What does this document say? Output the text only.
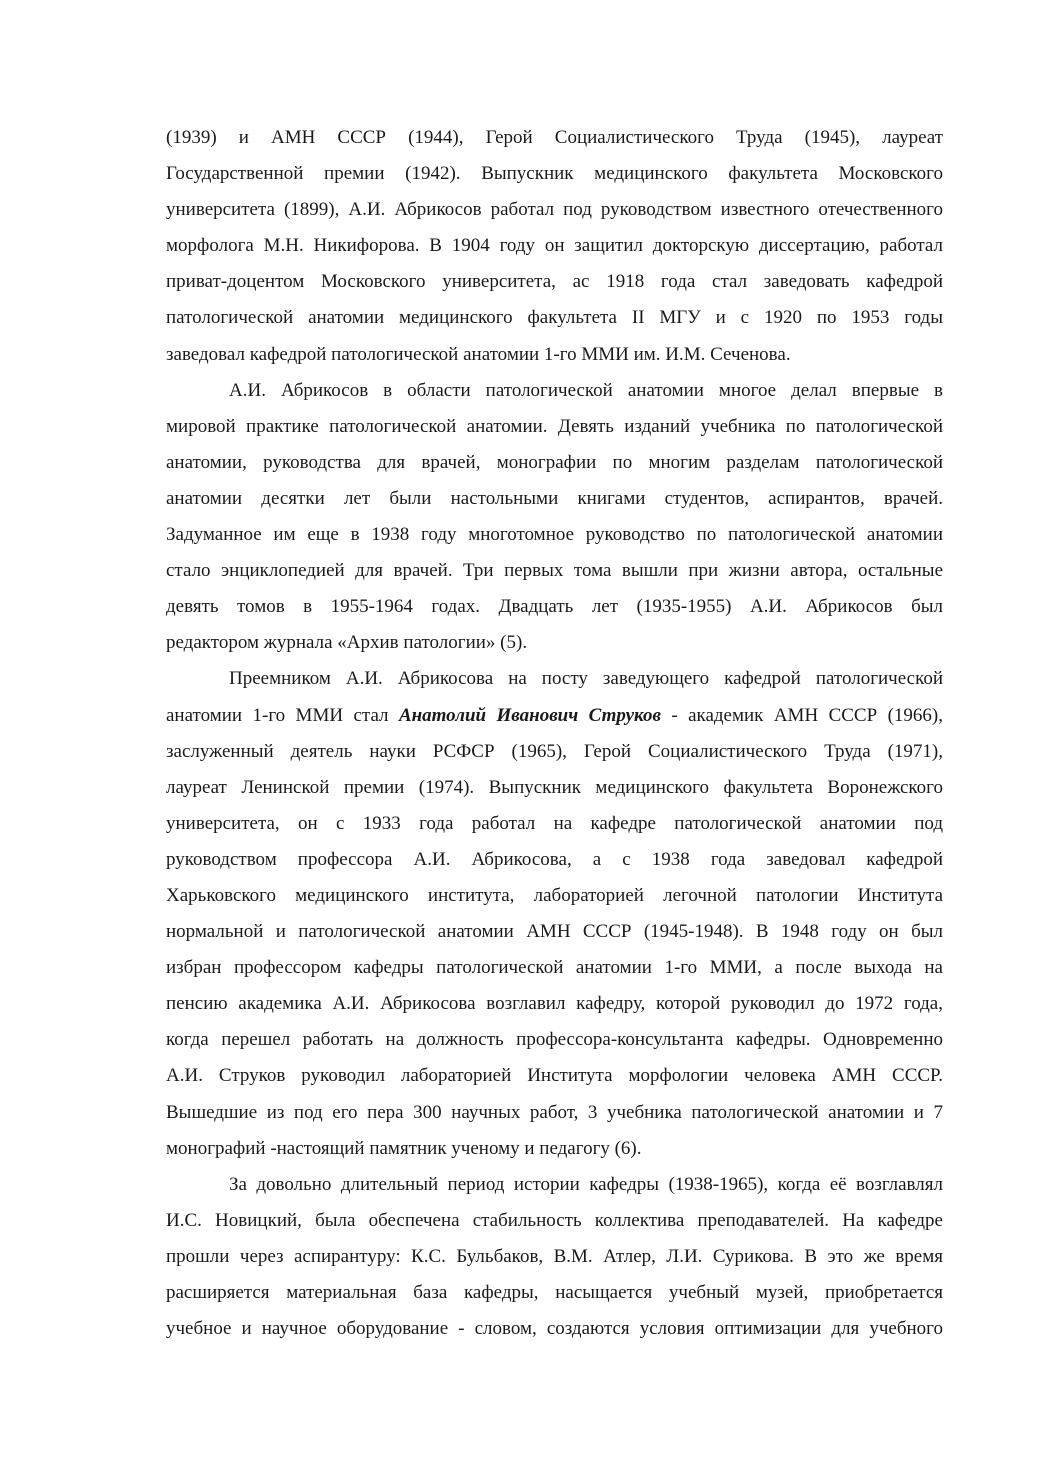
(1939) и АМН СССР (1944), Герой Социалистического Труда (1945), лауреат
Государственной премии (1942). Выпускник медицинского факультета Московского
университета (1899), А.И. Абрикосов работал под руководством известного отечественного
морфолога М.Н. Никифорова. В 1904 году он защитил докторскую диссертацию, работал
приват-доцентом Московского университета, ас 1918 года стал заведовать кафедрой
патологической анатомии медицинского факультета II МГУ и с 1920 по 1953 годы
заведовал кафедрой патологической анатомии 1-го ММИ им. И.М. Сеченова.
А.И. Абрикосов в области патологической анатомии многое делал впервые в
мировой практике патологической анатомии. Девять изданий учебника по патологической
анатомии, руководства для врачей, монографии по многим разделам патологической
анатомии десятки лет были настольными книгами студентов, аспирантов, врачей.
Задуманное им еще в 1938 году многотомное руководство по патологической анатомии
стало энциклопедией для врачей. Три первых тома вышли при жизни автора, остальные
девять томов в 1955-1964 годах. Двадцать лет (1935-1955) А.И. Абрикосов был
редактором журнала «Архив патологии» (5).
Преемником А.И. Абрикосова на посту заведующего кафедрой патологической
анатомии 1-го ММИ стал Анатолий Иванович Струков - академик АМН СССР (1966),
заслуженный деятель науки РСФСР (1965), Герой Социалистического Труда (1971),
лауреат Ленинской премии (1974). Выпускник медицинского факультета Воронежского
университета, он с 1933 года работал на кафедре патологической анатомии под
руководством профессора А.И. Абрикосова, а с 1938 года заведовал кафедрой
Харьковского медицинского института, лабораторией легочной патологии Института
нормальной и патологической анатомии АМН СССР (1945-1948). В 1948 году он был
избран профессором кафедры патологической анатомии 1-го ММИ, а после выхода на
пенсию академика А.И. Абрикосова возглавил кафедру, которой руководил до 1972 года,
когда перешел работать на должность профессора-консультанта кафедры. Одновременно
А.И. Струков руководил лабораторией Института морфологии человека АМН СССР.
Вышедшие из под его пера 300 научных работ, 3 учебника патологической анатомии и 7
монографий -настоящий памятник ученому и педагогу (6).
За довольно длительный период истории кафедры (1938-1965), когда её возглавлял
И.С. Новицкий, была обеспечена стабильность коллектива преподавателей. На кафедре
прошли через аспирантуру: К.С. Бульбаков, В.М. Атлер, Л.И. Сурикова. В это же время
расширяется материальная база кафедры, насыщается учебный музей, приобретается
учебное и научное оборудование - словом, создаются условия оптимизации для учебного
